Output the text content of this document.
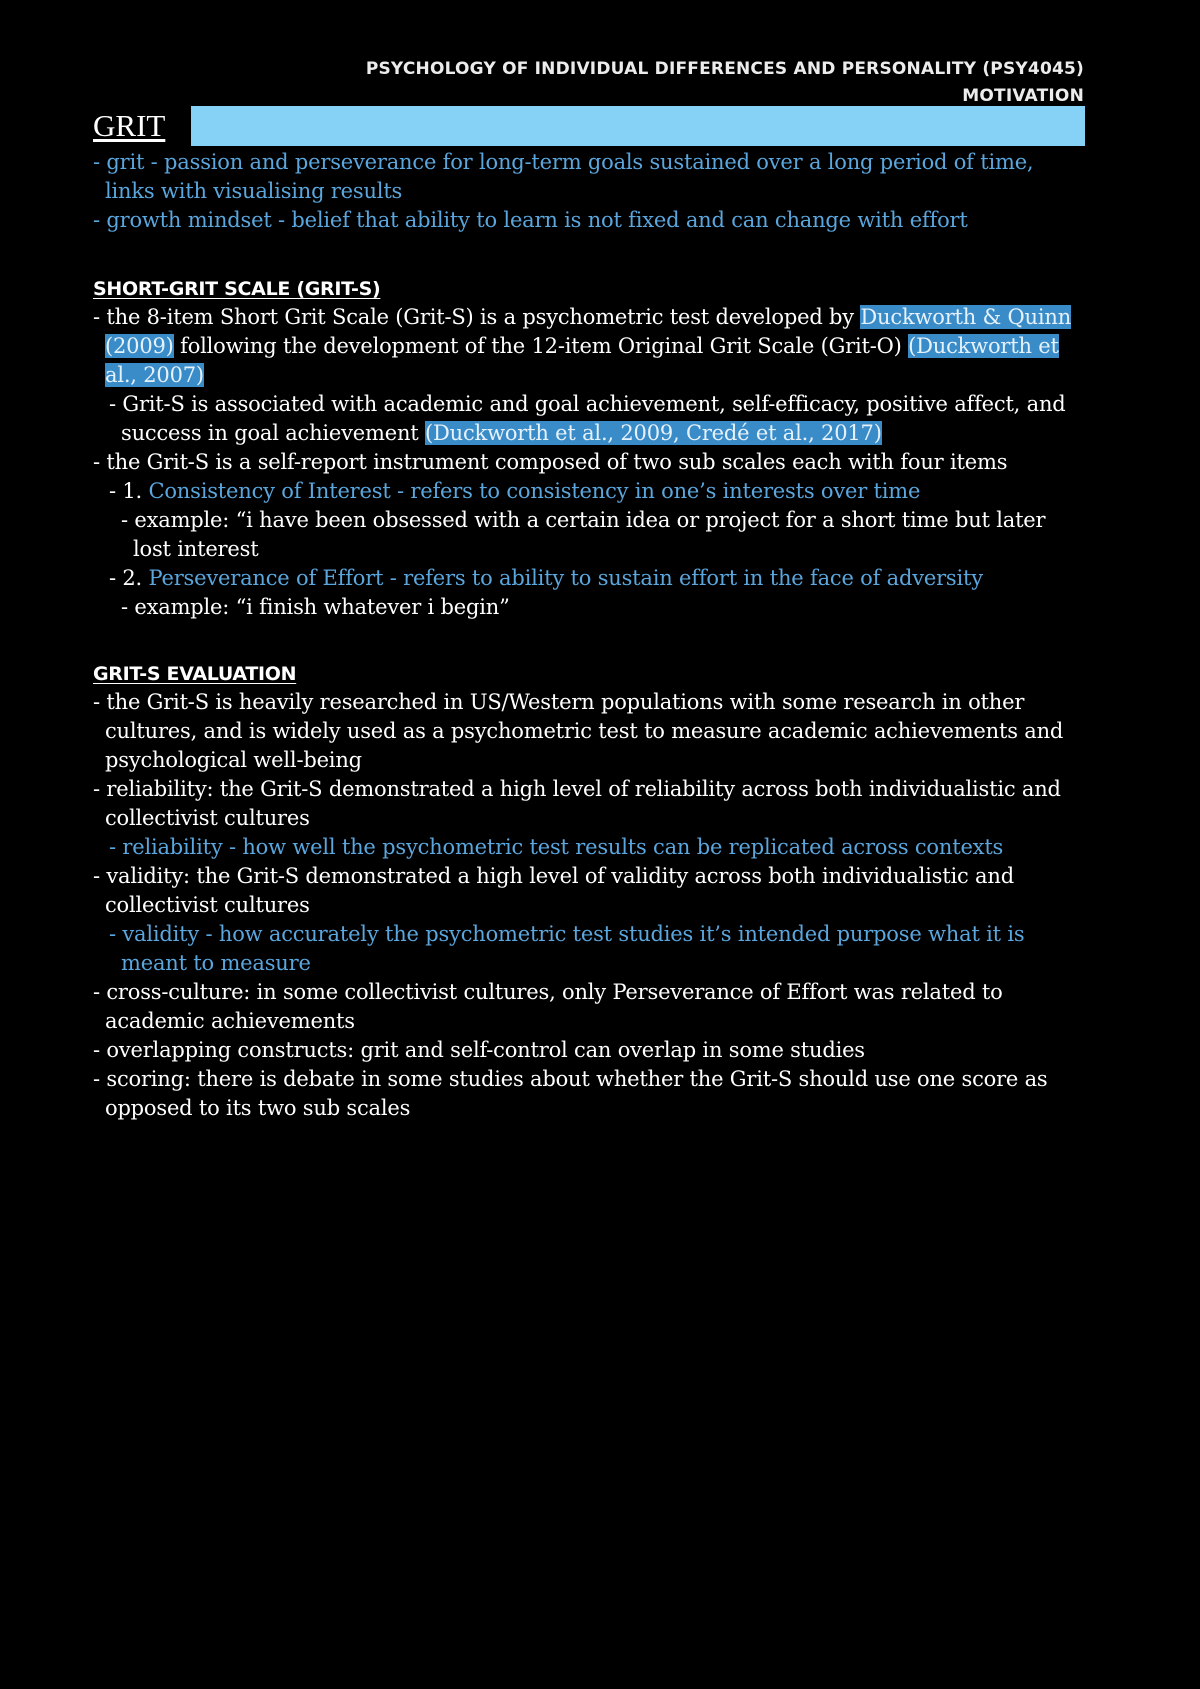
PSYCHOLOGY OF INDIVIDUAL DIFFERENCES AND PERSONALITY (PSY4045)
MOTIVATION
GRIT
- grit - passion and perseverance for long-term goals sustained over a long period of time, links with visualising results
- growth mindset - belief that ability to learn is not fixed and can change with effort
SHORT-GRIT SCALE (GRIT-S)
- the 8-item Short Grit Scale (Grit-S) is a psychometric test developed by Duckworth & Quinn (2009) following the development of the 12-item Original Grit Scale (Grit-O) (Duckworth et al., 2007)
- Grit-S is associated with academic and goal achievement, self-efficacy, positive affect, and success in goal achievement (Duckworth et al., 2009, Credé et al., 2017)
- the Grit-S is a self-report instrument composed of two sub scales each with four items
- 1. Consistency of Interest - refers to consistency in one’s interests over time
- example: “i have been obsessed with a certain idea or project for a short time but later lost interest
- 2. Perseverance of Effort - refers to ability to sustain effort in the face of adversity
- example: “i finish whatever i begin”
GRIT-S EVALUATION
- the Grit-S is heavily researched in US/Western populations with some research in other cultures, and is widely used as a psychometric test to measure academic achievements and psychological well-being
- reliability: the Grit-S demonstrated a high level of reliability across both individualistic and collectivist cultures
- reliability - how well the psychometric test results can be replicated across contexts
- validity: the Grit-S demonstrated a high level of validity across both individualistic and collectivist cultures
- validity - how accurately the psychometric test studies it’s intended purpose what it is meant to measure
- cross-culture: in some collectivist cultures, only Perseverance of Effort was related to academic achievements
- overlapping constructs: grit and self-control can overlap in some studies
- scoring: there is debate in some studies about whether the Grit-S should use one score as opposed to its two sub scales
